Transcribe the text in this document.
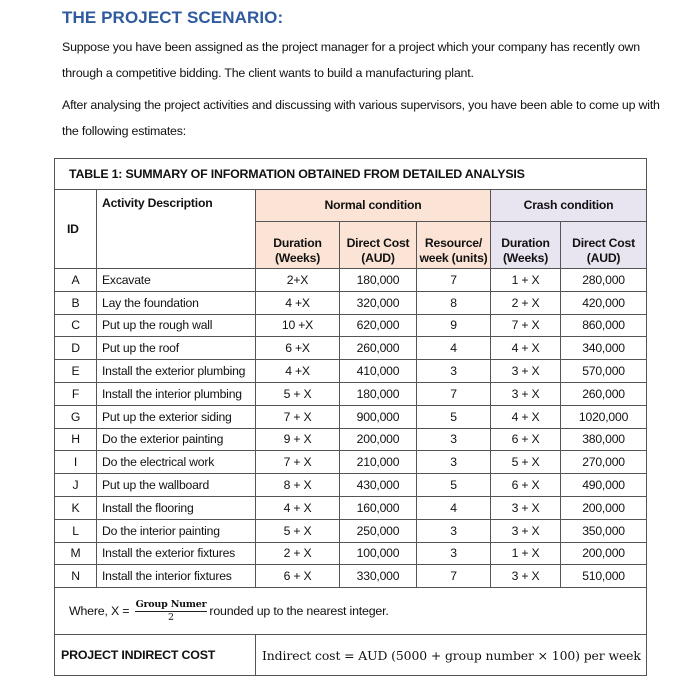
THE PROJECT SCENARIO:
Suppose you have been assigned as the project manager for a project which your company has recently own through a competitive bidding. The client wants to build a manufacturing plant.
After analysing the project activities and discussing with various supervisors, you have been able to come up with the following estimates:
TABLE 1: SUMMARY OF INFORMATION OBTAINED FROM DETAILED ANALYSIS						
ID	Activity Description	Normal condition			Crash condition	
		Duration (Weeks)	Direct Cost (AUD)	Resource/ week (units)	Duration (Weeks)	Direct Cost (AUD)
A	Excavate	2+X	180,000	7	1 + X	280,000
B	Lay the foundation	4 +X	320,000	8	2 + X	420,000
C	Put up the rough wall	10 +X	620,000	9	7 + X	860,000
D	Put up the roof	6 +X	260,000	4	4 + X	340,000
E	Install the exterior plumbing	4 +X	410,000	3	3 + X	570,000
F	Install the interior plumbing	5 + X	180,000	7	3 + X	260,000
G	Put up the exterior siding	7 + X	900,000	5	4 + X	1020,000
H	Do the exterior painting	9 + X	200,000	3	6 + X	380,000
I	Do the electrical work	7 + X	210,000	3	5 + X	270,000
J	Put up the wallboard	8 + X	430,000	5	6 + X	490,000
K	Install the flooring	4 + X	160,000	4	3 + X	200,000
L	Do the interior painting	5 + X	250,000	3	3 + X	350,000
M	Install the exterior fixtures	2 + X	100,000	3	1 + X	200,000
N	Install the interior fixtures	6 + X	330,000	7	3 + X	510,000
Where, $X = \frac{\text{Group Numer}}{2}$ rounded up to the nearest integer.						
PROJECT INDIRECT COST		Indirect cost = AUD (5000 + group number × 100) per week				
